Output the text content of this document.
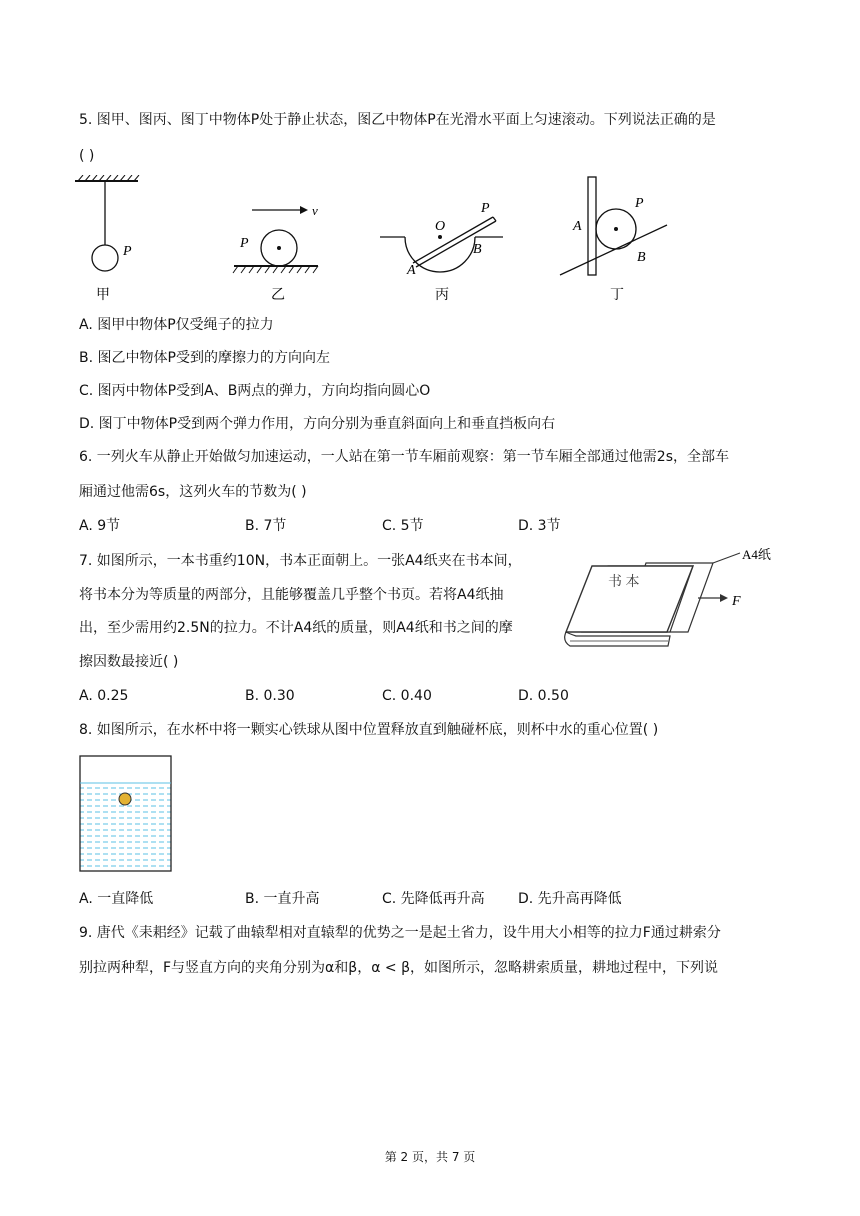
5. 图甲、图丙、图丁中物体P处于静止状态，图乙中物体P在光滑水平面上匀速滚动。下列说法正确的是
( )
P
甲
v
P
乙
O
P
B
A
丙
A
P
B
丁
A. 图甲中物体P仅受绳子的拉力
B. 图乙中物体P受到的摩擦力的方向向左
C. 图丙中物体P受到A、B两点的弹力，方向均指向圆心O
D. 图丁中物体P受到两个弹力作用，方向分别为垂直斜面向上和垂直挡板向右
6. 一列火车从静止开始做匀加速运动，一人站在第一节车厢前观察：第一节车厢全部通过他需2s，全部车
厢通过他需6s，这列火车的节数为( )
A. 9节	B. 7节	C. 5节	D. 3节
7. 如图所示，一本书重约10N，书本正面朝上。一张A4纸夹在书本间，
将书本分为等质量的两部分，且能够覆盖几乎整个书页。若将A4纸抽
出，至少需用约2.5N的拉力。不计A4纸的质量，则A4纸和书之间的摩
擦因数最接近( )
书 本
A4纸
F
A. 0.25	B. 0.30	C. 0.40	D. 0.50
8. 如图所示，在水杯中将一颗实心铁球从图中位置释放直到触碰杯底，则杯中水的重心位置( )
A. 一直降低	B. 一直升高	C. 先降低再升高 D. 先升高再降低
9. 唐代《耒耜经》记载了曲辕犁相对直辕犁的优势之一是起土省力，设牛用大小相等的拉力F通过耕索分
别拉两种犁，F与竖直方向的夹角分别为α和β，α < β，如图所示，忽略耕索质量，耕地过程中，下列说
第 2 页，共 7 页
